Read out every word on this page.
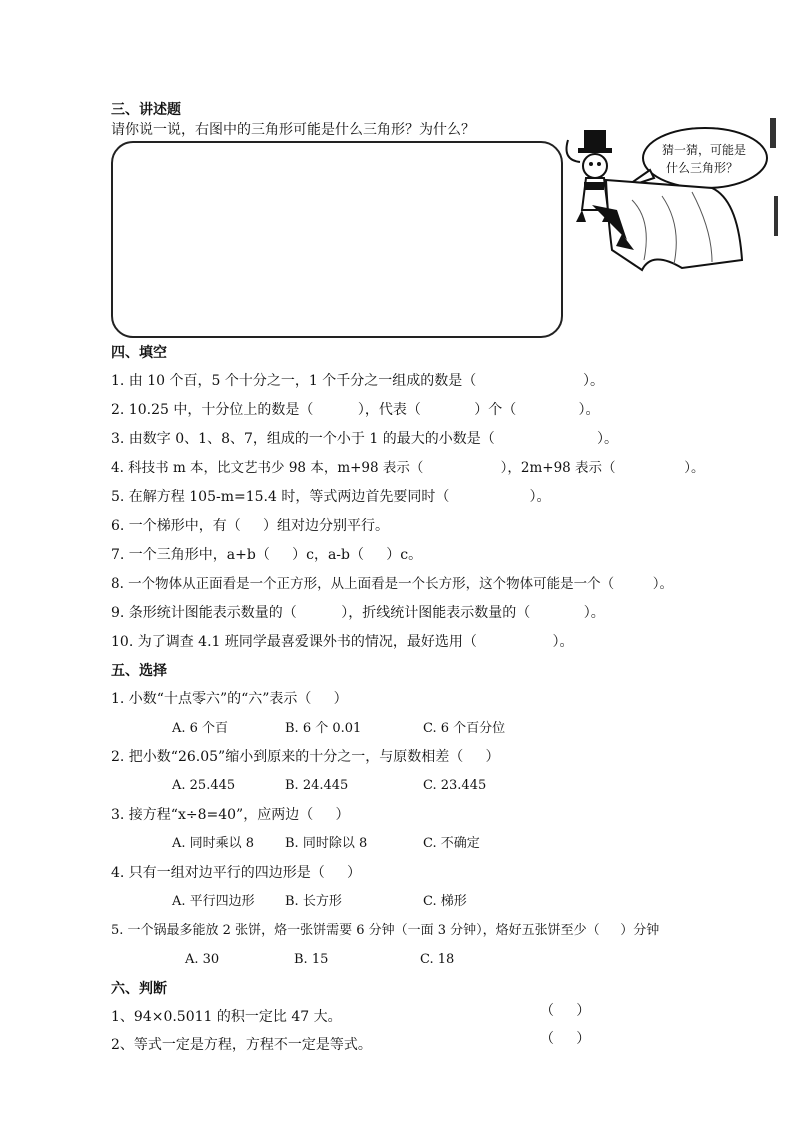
三、讲述题
请你说一说，右图中的三角形可能是什么三角形？为什么？
猜一猜，可能是
什么三角形？
四、填空
1. 由 10 个百，5 个十分之一，1 个千分之一组成的数是（                        ）。
2. 10.25 中，十分位上的数是（          ），代表（            ）个（              ）。
3. 由数字 0、1、8、7，组成的一个小于 1 的最大的小数是（                       ）。
4. 科技书 m 本，比文艺书少 98 本，m+98 表示（                  ），2m+98 表示（                ）。
5. 在解方程 105-m=15.4 时，等式两边首先要同时（                  ）。
6. 一个梯形中，有（     ）组对边分别平行。
7. 一个三角形中，a+b（     ）c，a-b（     ）c。
8. 一个物体从正面看是一个正方形，从上面看是一个长方形，这个物体可能是一个（         ）。
9. 条形统计图能表示数量的（          ），折线统计图能表示数量的（            ）。
10. 为了调查 4.1 班同学最喜爱课外书的情况，最好选用（                 ）。
五、选择
1. 小数“十点零六”的“六”表示（     ）
A. 6 个百	B. 6 个 0.01	C. 6 个百分位
2. 把小数“26.05”缩小到原来的十分之一，与原数相差（     ）
A. 25.445	B. 24.445	C. 23.445
3. 接方程“x÷8=40”，应两边（     ）
A. 同时乘以 8 B. 同时除以 8	C. 不确定
4. 只有一组对边平行的四边形是（     ）
A. 平行四边形 B. 长方形	C. 梯形
5. 一个锅最多能放 2 张饼，烙一张饼需要 6 分钟（一面 3 分钟），烙好五张饼至少（     ）分钟
A. 30	B. 15	C. 18
六、判断
1、94×0.5011 的积一定比 47 大。	（     ）
2、等式一定是方程，方程不一定是等式。	（     ）
